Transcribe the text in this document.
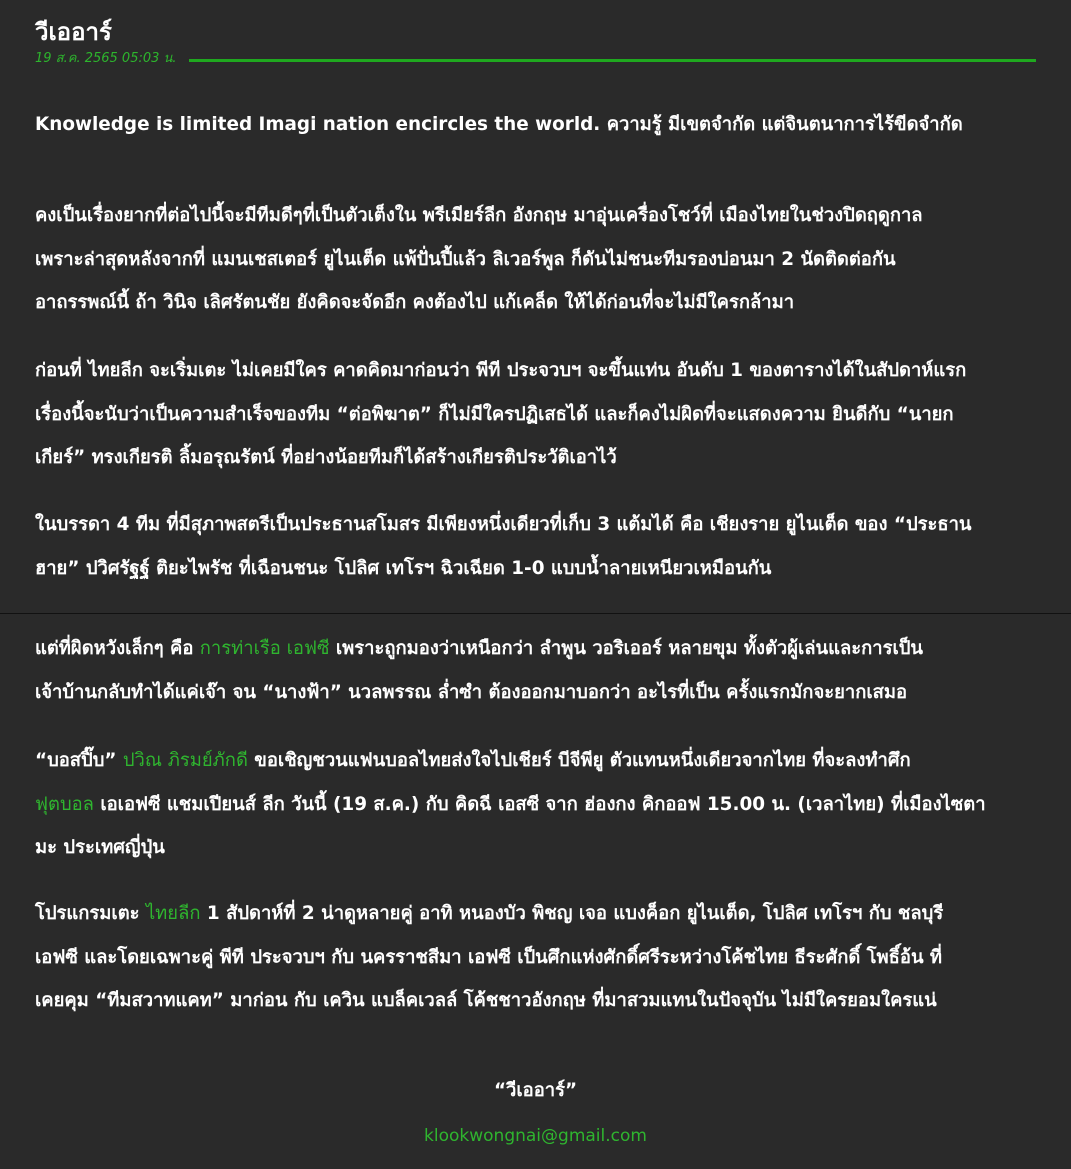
วีเออาร์
19 ส.ค. 2565 05:03 น.

Knowledge is limited Imagi nation encircles the world. ความรู้ มีเขตจำกัด แต่จินตนาการไร้ขีดจำกัด

คงเป็นเรื่องยากที่ต่อไปนี้จะมีทีมดีๆที่เป็นตัวเต็งใน พรีเมียร์ลีก อังกฤษ มาอุ่นเครื่องโชว์ที่ เมืองไทยในช่วงปิดฤดูกาล
เพราะล่าสุดหลังจากที่ แมนเชสเตอร์ ยูไนเต็ด แพ้ปั่นปี้แล้ว ลิเวอร์พูล ก็ดันไม่ชนะทีมรองบ่อนมา 2 นัดติดต่อกัน
อาถรรพณ์นี้ ถ้า วินิจ เลิศรัตนชัย ยังคิดจะจัดอีก คงต้องไป แก้เคล็ด ให้ได้ก่อนที่จะไม่มีใครกล้ามา

ก่อนที่ ไทยลีก จะเริ่มเตะ ไม่เคยมีใคร คาดคิดมาก่อนว่า พีที ประจวบฯ จะขึ้นแท่น อันดับ 1 ของตารางได้ในสัปดาห์แรก
เรื่องนี้จะนับว่าเป็นความสำเร็จของทีม “ต่อพิฆาต” ก็ไม่มีใครปฏิเสธได้ และก็คงไม่ผิดที่จะแสดงความ ยินดีกับ “นายก
เกียร์” ทรงเกียรติ ลิ้มอรุณรัตน์ ที่อย่างน้อยทีมก็ได้สร้างเกียรติประวัติเอาไว้

ในบรรดา 4 ทีม ที่มีสุภาพสตรีเป็นประธานสโมสร มีเพียงหนึ่งเดียวที่เก็บ 3 แต้มได้ คือ เชียงราย ยูไนเต็ด ของ “ประธาน
ฮาย” ปวิศรัฐฐ์ ติยะไพรัช ที่เฉือนชนะ โปลิศ เทโรฯ ฉิวเฉียด 1-0 แบบน้ำลายเหนียวเหมือนกัน

แต่ที่ผิดหวังเล็กๆ คือ การท่าเรือ เอฟซี เพราะถูกมองว่าเหนือกว่า ลำพูน วอริเออร์ หลายขุม ทั้งตัวผู้เล่นและการเป็น
เจ้าบ้านกลับทำได้แค่เจ๊า จน “นางฟ้า” นวลพรรณ ล่ำซำ ต้องออกมาบอกว่า อะไรที่เป็น ครั้งแรกมักจะยากเสมอ

“บอสปิ๊บ” ปวิณ ภิรมย์ภักดี ขอเชิญชวนแฟนบอลไทยส่งใจไปเชียร์ บีจีพียู ตัวแทนหนึ่งเดียวจากไทย ที่จะลงทำศึก
ฟุตบอล เอเอฟซี แชมเปียนส์ ลีก วันนี้ (19 ส.ค.) กับ คิดฉี เอสซี จาก ฮ่องกง คิกออฟ 15.00 น. (เวลาไทย) ที่เมืองไซตา
มะ ประเทศญี่ปุ่น

โปรแกรมเตะ ไทยลีก 1 สัปดาห์ที่ 2 น่าดูหลายคู่ อาทิ หนองบัว พิชญ เจอ แบงค็อก ยูไนเต็ด, โปลิศ เทโรฯ กับ ชลบุรี
เอฟซี และโดยเฉพาะคู่ พีที ประจวบฯ กับ นครราชสีมา เอฟซี เป็นศึกแห่งศักดิ์ศรีระหว่างโค้ชไทย ธีระศักดิ์ โพธิ์อ้น ที่
เคยคุม “ทีมสวาทแคท” มาก่อน กับ เควิน แบล็คเวลล์ โค้ชชาวอังกฤษ ที่มาสวมแทนในปัจจุบัน ไม่มีใครยอมใครแน่

“วีเออาร์”
klookwongnai@gmail.com
